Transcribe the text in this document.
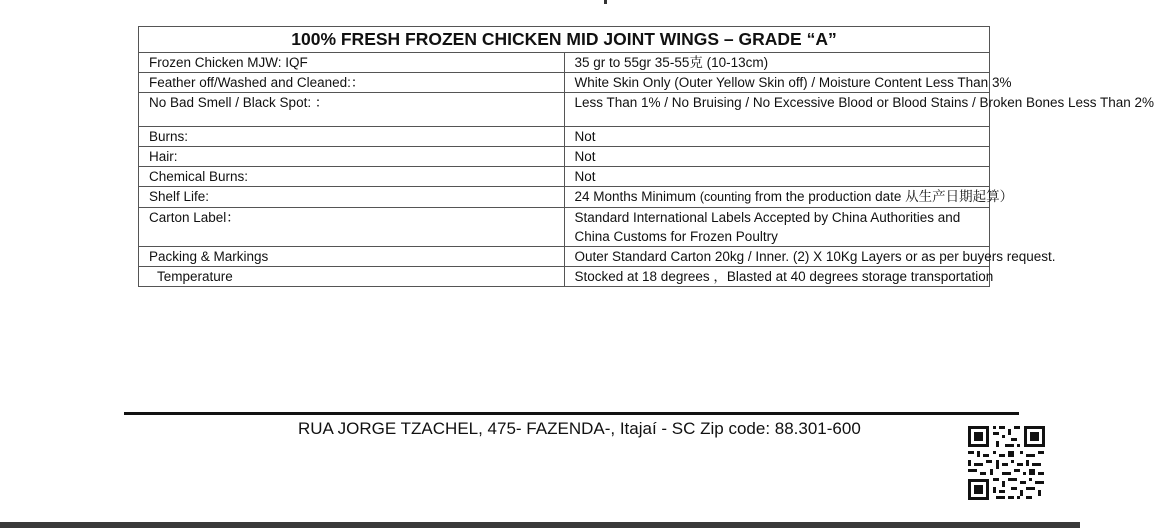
100% FRESH FROZEN CHICKEN MID JOINT WINGS – GRADE “A”	
Frozen Chicken MJW: IQF	35 gr to 55gr 35-55克 (10-13cm)
Feather off/Washed and Cleaned:：	White Skin Only (Outer Yellow Skin off) / Moisture Content Less Than 3%
No Bad Smell / Black Spot: ：	Less Than 1% / No Bruising / No Excessive Blood or Blood Stains / Broken Bones Less Than 2%
Burns:	Not
Hair:	Not
Chemical Burns:	Not
Shelf Life:	24 Months Minimum (counting from the production date 从生产日期起算）
Carton Label：	Standard International Labels Accepted by China Authorities and China Customs for Frozen Poultry
Packing & Markings	Outer Standard Carton 20kg / Inner. (2) X 10Kg Layers or as per buyers request.
Temperature	Stocked at 18 degrees ，Blasted at 40 degrees storage transportation
RUA JORGE TZACHEL, 475- FAZENDA-, Itajaí - SC Zip code: 88.301-600
